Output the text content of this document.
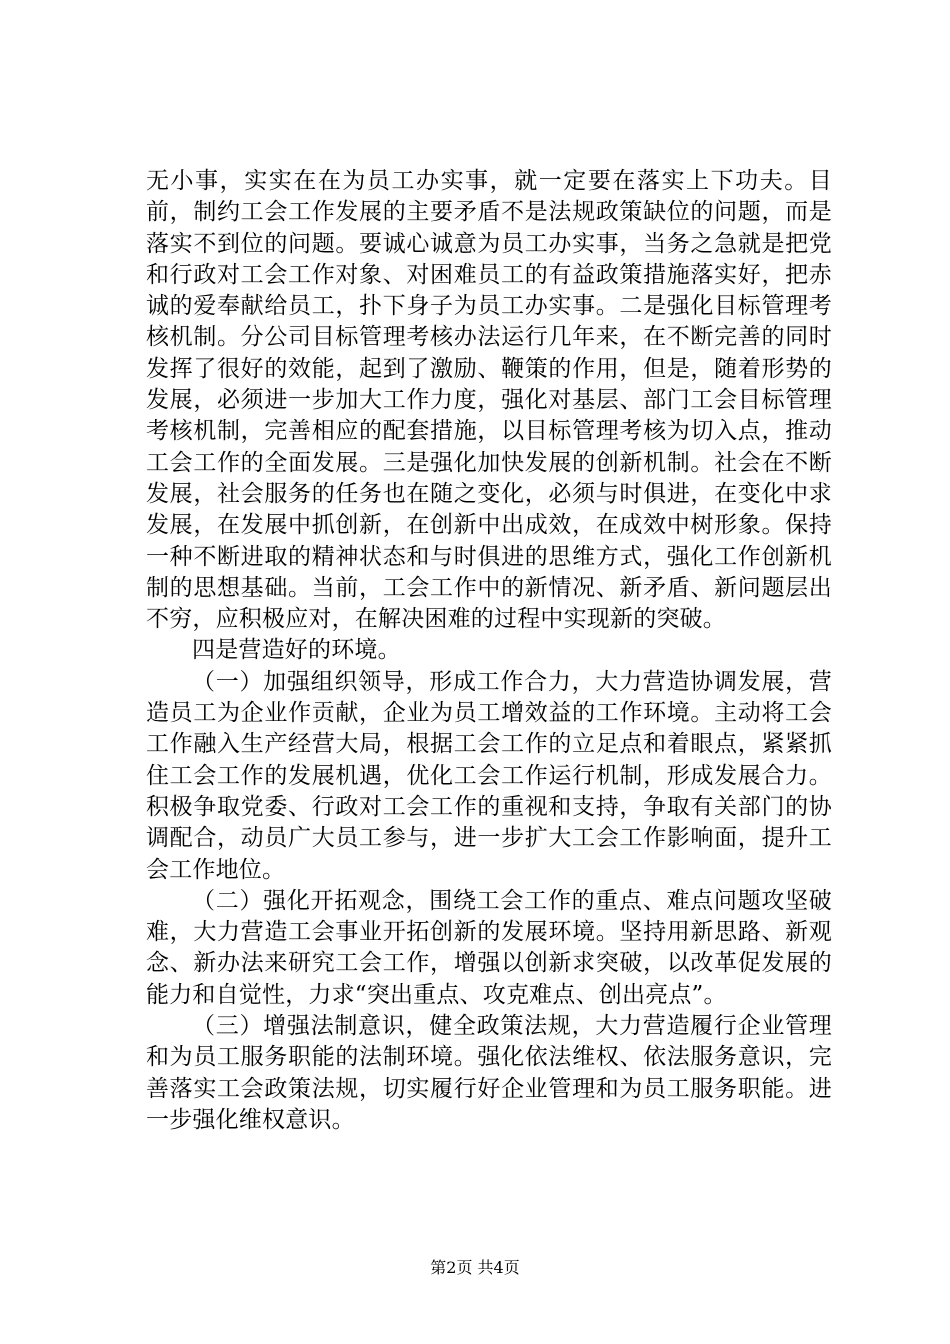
无小事，实实在在为员工办实事，就一定要在落实上下功夫。目前，制约工会工作发展的主要矛盾不是法规政策缺位的问题，而是落实不到位的问题。要诚心诚意为员工办实事，当务之急就是把党和行政对工会工作对象、对困难员工的有益政策措施落实好，把赤诚的爱奉献给员工，扑下身子为员工办实事。二是强化目标管理考核机制。分公司目标管理考核办法运行几年来，在不断完善的同时发挥了很好的效能，起到了激励、鞭策的作用，但是，随着形势的发展，必须进一步加大工作力度，强化对基层、部门工会目标管理考核机制，完善相应的配套措施，以目标管理考核为切入点，推动工会工作的全面发展。三是强化加快发展的创新机制。社会在不断发展，社会服务的任务也在随之变化，必须与时俱进，在变化中求发展，在发展中抓创新，在创新中出成效，在成效中树形象。保持一种不断进取的精神状态和与时俱进的思维方式，强化工作创新机制的思想基础。当前，工会工作中的新情况、新矛盾、新问题层出不穷，应积极应对，在解决困难的过程中实现新的突破。

四是营造好的环境。

（一）加强组织领导，形成工作合力，大力营造协调发展，营造员工为企业作贡献，企业为员工增效益的工作环境。主动将工会工作融入生产经营大局，根据工会工作的立足点和着眼点，紧紧抓住工会工作的发展机遇，优化工会工作运行机制，形成发展合力。积极争取党委、行政对工会工作的重视和支持，争取有关部门的协调配合，动员广大员工参与，进一步扩大工会工作影响面，提升工会工作地位。

（二）强化开拓观念，围绕工会工作的重点、难点问题攻坚破难，大力营造工会事业开拓创新的发展环境。坚持用新思路、新观念、新办法来研究工会工作，增强以创新求突破，以改革促发展的能力和自觉性，力求“突出重点、攻克难点、创出亮点”。

（三）增强法制意识，健全政策法规，大力营造履行企业管理和为员工服务职能的法制环境。强化依法维权、依法服务意识，完善落实工会政策法规，切实履行好企业管理和为员工服务职能。进一步强化维权意识。

第2页 共4页
